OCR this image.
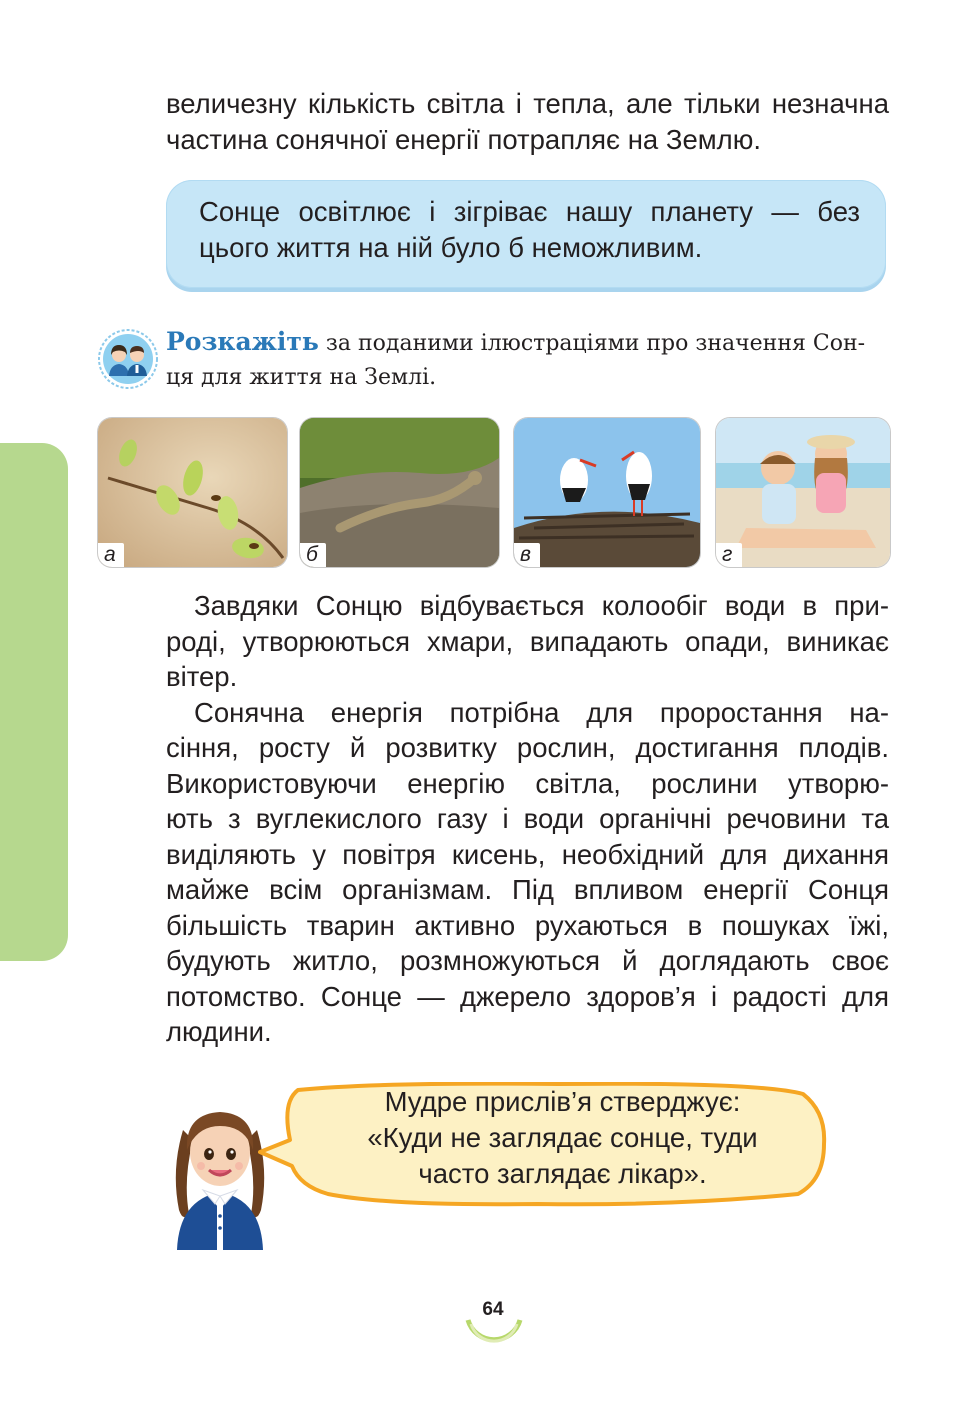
величезну кількість світла і тепла, але тільки незначна
частина сонячної енергії потрапляє на Землю.
Сонце освітлює і зігріває нашу планету — без
цього життя на ній було б неможливим.
Розкажіть за поданими ілюстраціями про значення Сон-
ця для життя на Землі.
а	б	в	г
Завдяки Сонцю відбувається колообіг води в при-
роді, утворюються хмари, випадають опади, виникає
вітер.
Сонячна енергія потрібна для проростання на-
сіння, росту й розвитку рослин, достигання плодів.
Використовуючи енергію світла, рослини утворю-
ють з вуглекислого газу і води органічні речовини та
виділяють у повітря кисень, необхідний для дихання
майже всім організмам. Під впливом енергії Сонця
більшість тварин активно рухаються в пошуках їжі,
будують житло, розмножуються й доглядають своє
потомство. Сонце — джерело здоров’я і радості для
людини.
Мудре прислів’я стверджує:
«Куди не заглядає сонце, туди
часто заглядає лікар».
64
